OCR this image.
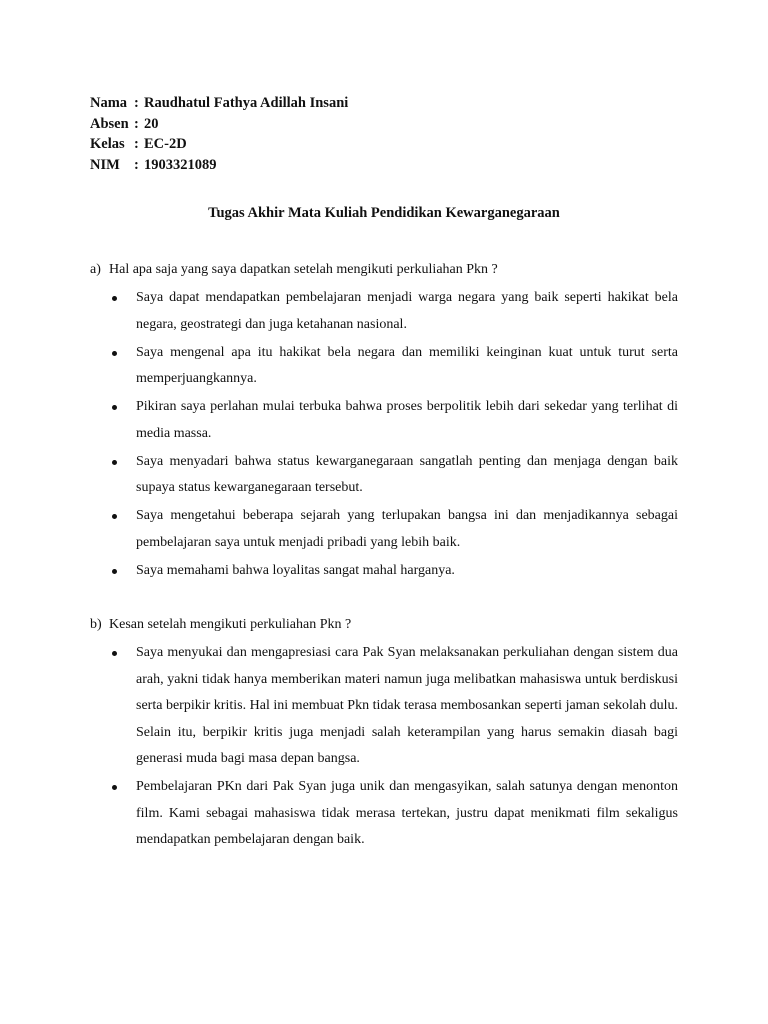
Nama : Raudhatul Fathya Adillah Insani
Absen : 20
Kelas : EC-2D
NIM : 1903321089
Tugas Akhir Mata Kuliah Pendidikan Kewarganegaraan
a) Hal apa saja yang saya dapatkan setelah mengikuti perkuliahan Pkn ?
Saya dapat mendapatkan pembelajaran menjadi warga negara yang baik seperti hakikat bela negara, geostrategi dan juga ketahanan nasional.
Saya mengenal apa itu hakikat bela negara dan memiliki keinginan kuat untuk turut serta memperjuangkannya.
Pikiran saya perlahan mulai terbuka bahwa proses berpolitik lebih dari sekedar yang terlihat di media massa.
Saya menyadari bahwa status kewarganegaraan sangatlah penting dan menjaga dengan baik supaya status kewarganegaraan tersebut.
Saya mengetahui beberapa sejarah yang terlupakan bangsa ini dan menjadikannya sebagai pembelajaran saya untuk menjadi pribadi yang lebih baik.
Saya memahami bahwa loyalitas sangat mahal harganya.
b) Kesan setelah mengikuti perkuliahan Pkn ?
Saya menyukai dan mengapresiasi cara Pak Syan melaksanakan perkuliahan dengan sistem dua arah, yakni tidak hanya memberikan materi namun juga melibatkan mahasiswa untuk berdiskusi serta berpikir kritis. Hal ini membuat Pkn tidak terasa membosankan seperti jaman sekolah dulu. Selain itu, berpikir kritis juga menjadi salah keterampilan yang harus semakin diasah bagi generasi muda bagi masa depan bangsa.
Pembelajaran PKn dari Pak Syan juga unik dan mengasyikan, salah satunya dengan menonton film. Kami sebagai mahasiswa tidak merasa tertekan, justru dapat menikmati film sekaligus mendapatkan pembelajaran dengan baik.
